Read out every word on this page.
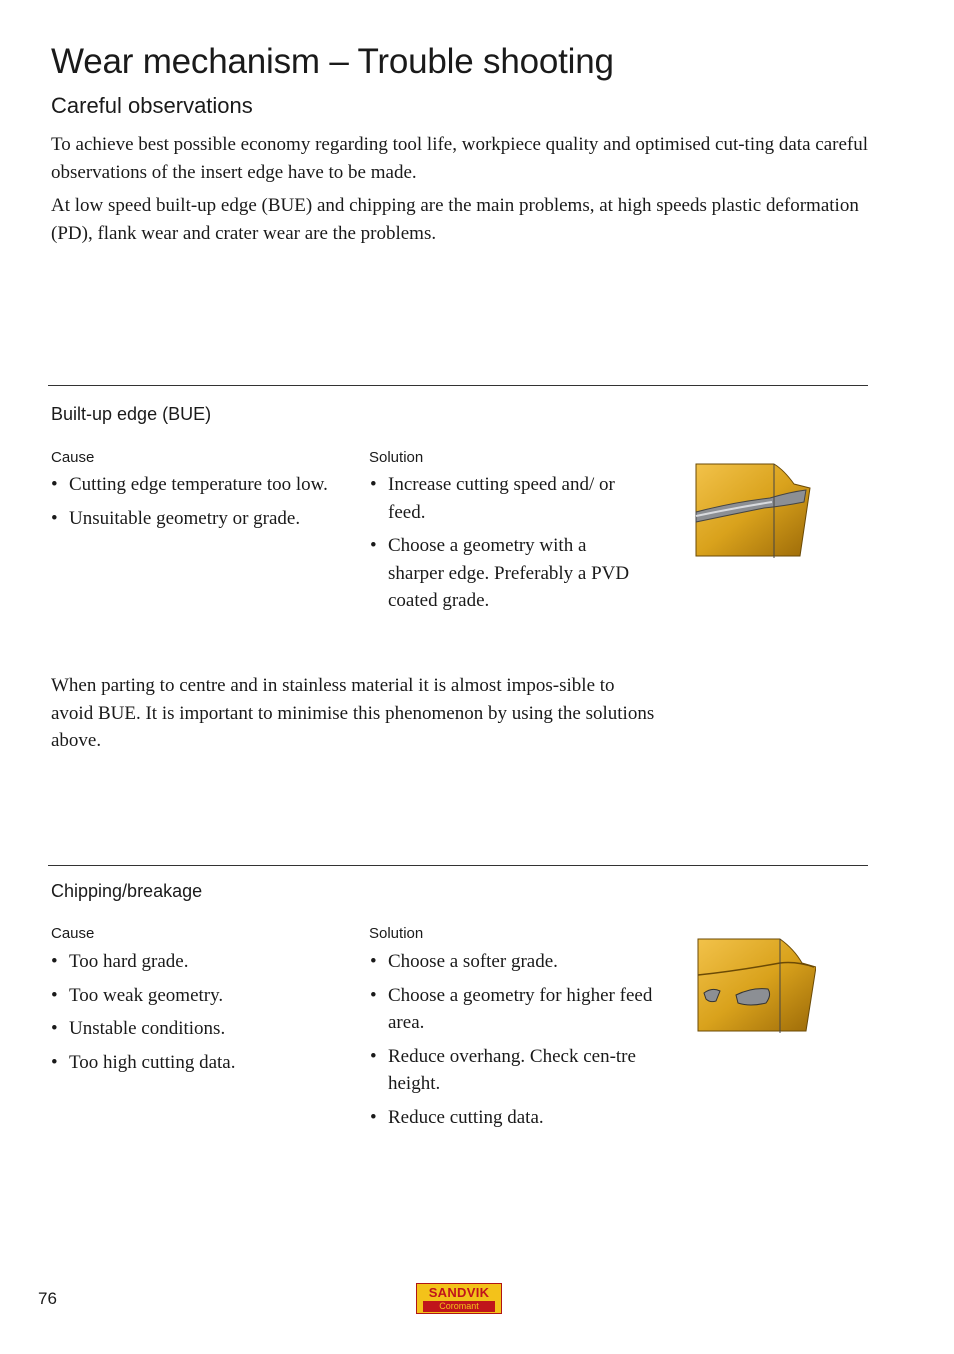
Wear mechanism – Trouble shooting
Careful observations

To achieve best possible economy regarding tool life, workpiece quality and optimised cut-ting data careful observations of the insert edge have to be made.

At low speed built-up edge (BUE) and chipping are the main problems, at high speeds plastic deformation (PD), flank wear and crater wear are the problems.

Built-up edge (BUE)
Cause
• Cutting edge temperature too low.
• Unsuitable geometry or grade.
Solution
• Increase cutting speed and/ or feed.
• Choose a geometry with a sharper edge. Preferably a PVD coated grade.

When parting to centre and in stainless material it is almost impos-sible to avoid BUE. It is important to minimise this phenomenon by using the solutions above.

Chipping/breakage
Cause
• Too hard grade.
• Too weak geometry.
• Unstable conditions.
• Too high cutting data.
Solution
• Choose a softer grade.
• Choose a geometry for higher feed area.
• Reduce overhang. Check cen-tre height.
• Reduce cutting data.
76	SANDVIK
Coromant
